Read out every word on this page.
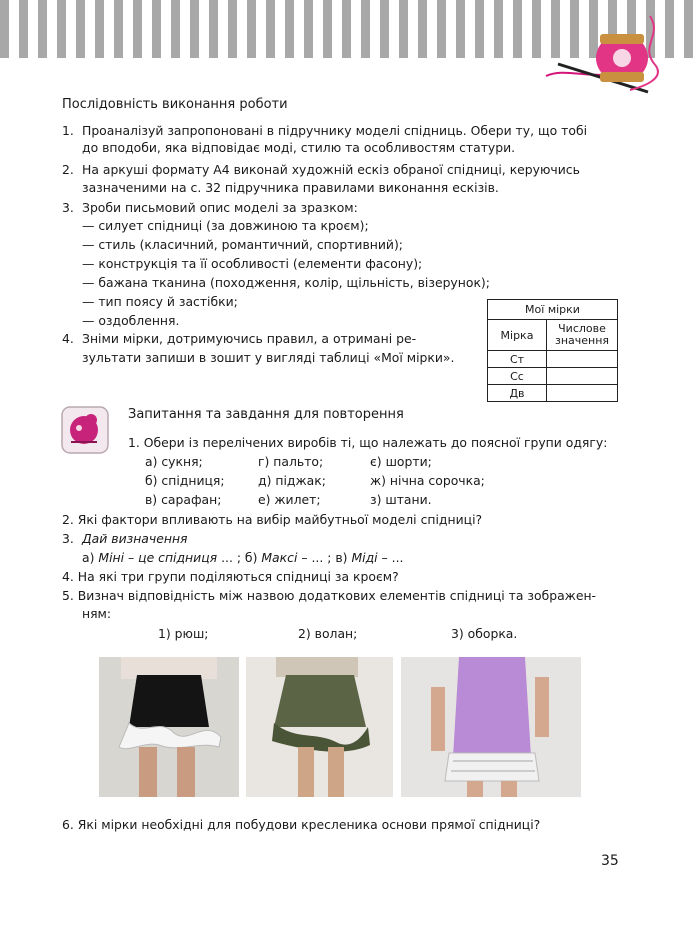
Послідовність виконання роботи
1. Проаналізуй запропоновані в підручнику моделі спідниць. Обери ту, що тобі
до вподоби, яка відповідає моді, стилю та особливостям статури.
2. На аркуші формату А4 виконай художній ескіз обраної спідниці, керуючись
зазначеними на с. 32 підручника правилами виконання ескізів.
3. Зроби письмовий опис моделі за зразком:
— силует спідниці (за довжиною та кроєм);
— стиль (класичний, романтичний, спортивний);
— конструкція та її особливості (елементи фасону);
— бажана тканина (походження, колір, щільність, візерунок);
— тип поясу й застібки;
— оздоблення.
4. Зніми мірки, дотримуючись правил, а отримані ре-
зультати запиши в зошит у вигляді таблиці «Мої мірки».
Мої мірки	
Мірка	Числове
значення
Ст	
Сс	
Дв	
Запитання та завдання для повторення
1. Обери із перелічених виробів ті, що належать до поясної групи одягу:
а) сукня;	г) пальто;	є) шорти;
б) спідниця;	д) піджак;	ж) нічна сорочка;
в) сарафан;	е) жилет;	з) штани.
2. Які фактори впливають на вибір майбутньої моделі спідниці?
3. Дай визначення
а) Міні – це спідниця ... ; б) Максі – ... ; в) Міді – ...
4. На які три групи поділяються спідниці за кроєм?
5. Визнач відповідність між назвою додаткових елементів спідниці та зображен-
ням:
1) рюш;	2) волан;	3) оборка.
6. Які мірки необхідні для побудови кресленика основи прямої спідниці?
35
